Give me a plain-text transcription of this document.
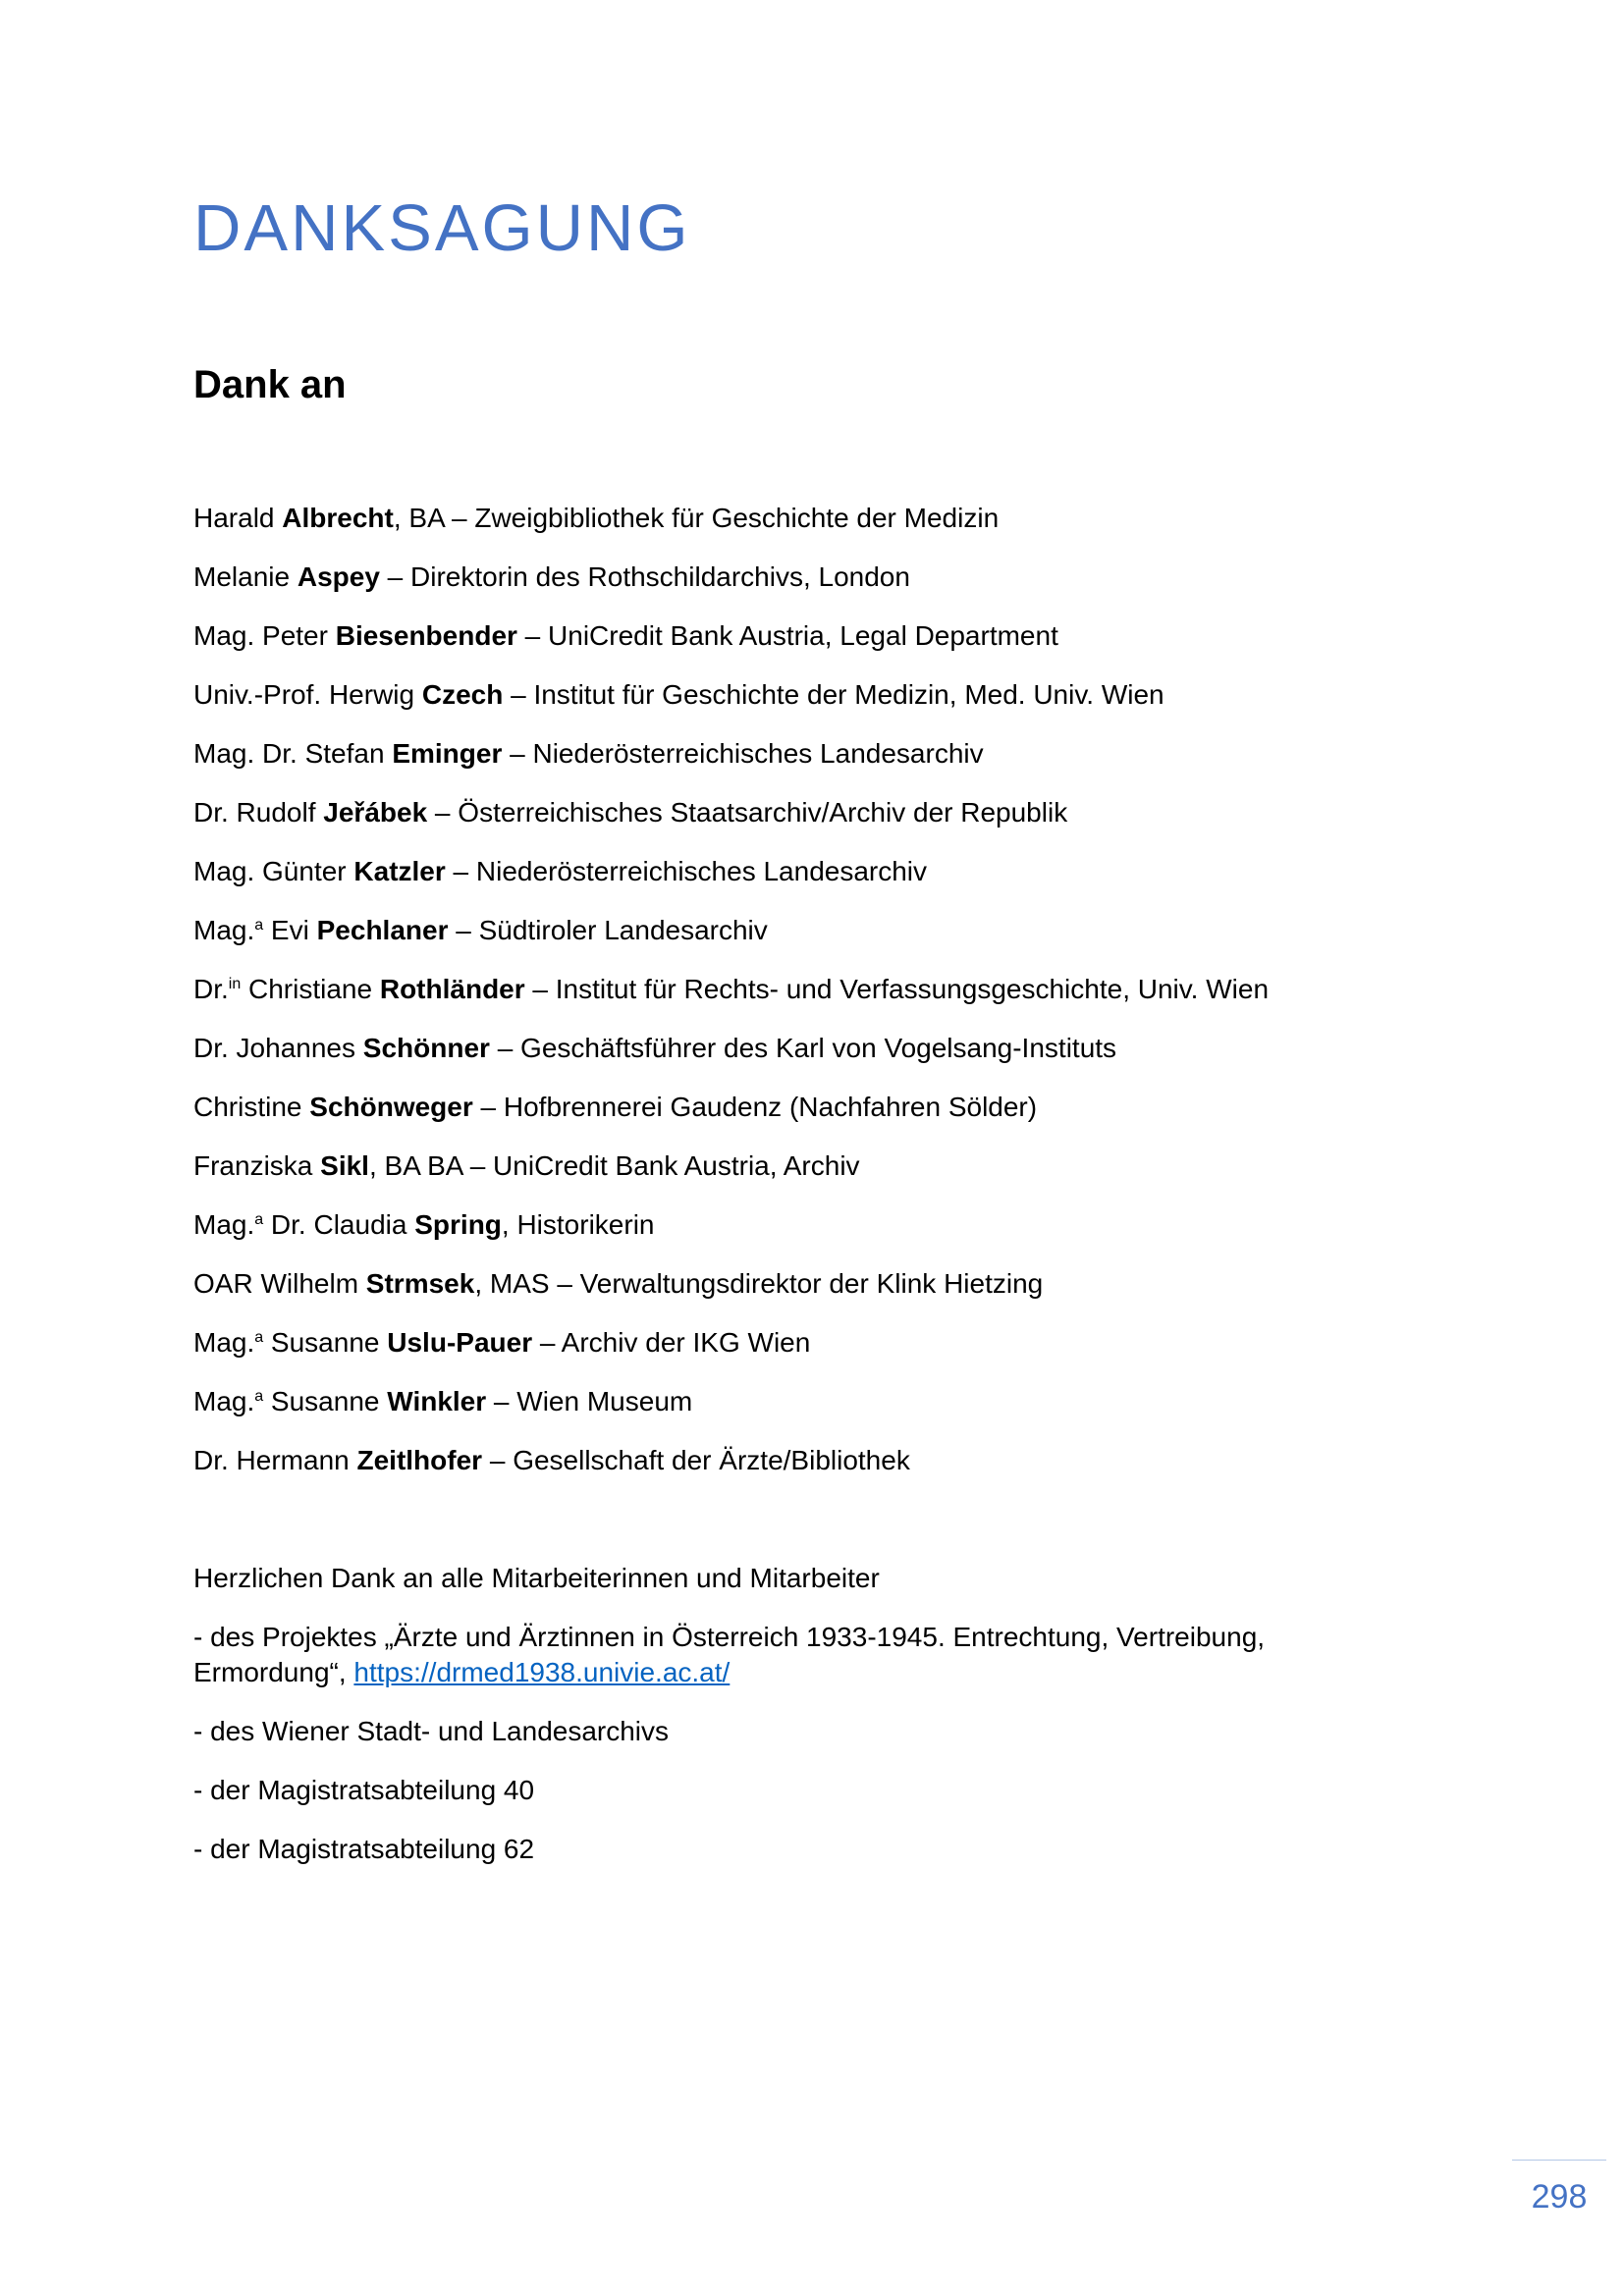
DANKSAGUNG
Dank an
Harald Albrecht, BA – Zweigbibliothek für Geschichte der Medizin
Melanie Aspey – Direktorin des Rothschildarchivs, London
Mag. Peter Biesenbender – UniCredit Bank Austria, Legal Department
Univ.-Prof. Herwig Czech – Institut für Geschichte der Medizin, Med. Univ. Wien
Mag. Dr. Stefan Eminger – Niederösterreichisches Landesarchiv
Dr. Rudolf Jeřábek – Österreichisches Staatsarchiv/Archiv der Republik
Mag. Günter Katzler – Niederösterreichisches Landesarchiv
Mag.$^a$ Evi Pechlaner – Südtiroler Landesarchiv
Dr.$^{in}$ Christiane Rothländer – Institut für Rechts- und Verfassungsgeschichte, Univ. Wien
Dr. Johannes Schönner – Geschäftsführer des Karl von Vogelsang-Instituts
Christine Schönweger – Hofbrennerei Gaudenz (Nachfahren Sölder)
Franziska Sikl, BA BA – UniCredit Bank Austria, Archiv
Mag.$^a$ Dr. Claudia Spring, Historikerin
OAR Wilhelm Strmsek, MAS – Verwaltungsdirektor der Klink Hietzing
Mag.$^a$ Susanne Uslu-Pauer – Archiv der IKG Wien
Mag.$^a$ Susanne Winkler – Wien Museum
Dr. Hermann Zeitlhofer – Gesellschaft der Ärzte/Bibliothek

Herzlichen Dank an alle Mitarbeiterinnen und Mitarbeiter

- des Projektes „Ärzte und Ärztinnen in Österreich 1933-1945. Entrechtung, Vertreibung, Ermordung“, https://drmed1938.univie.ac.at/

- des Wiener Stadt- und Landesarchivs

- der Magistratsabteilung 40

- der Magistratsabteilung 62

298
